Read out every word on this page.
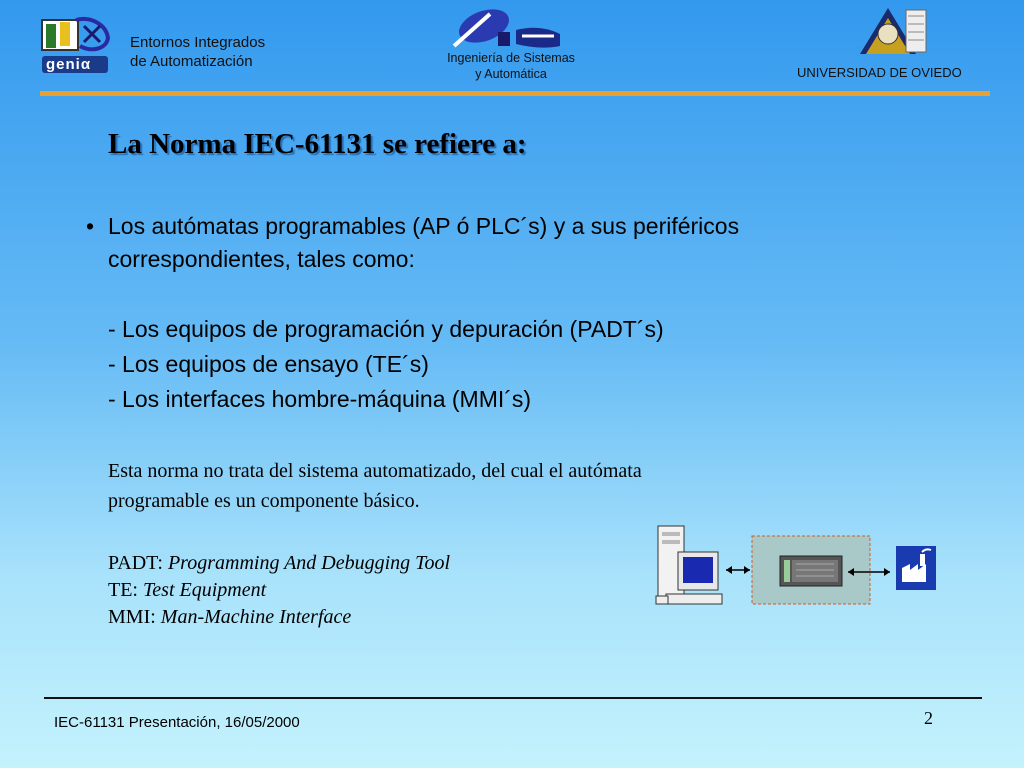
geniα
Entornos Integrados
de Automatización	Ingeniería de Sistemas
y Automática	UNIVERSIDAD DE OVIEDO
La Norma IEC-61131 se refiere a:
• Los autómatas programables (AP ó PLC´s) y a sus periféricos
correspondientes, tales como:
- Los equipos de programación y depuración (PADT´s)
- Los equipos de ensayo (TE´s)
- Los interfaces hombre-máquina (MMI´s)
Esta norma no trata del sistema automatizado, del cual el autómata
programable es un componente básico.
PADT: Programming And Debugging Tool
TE: Test Equipment
MMI: Man-Machine Interface
IEC-61131 Presentación, 16/05/2000	2
